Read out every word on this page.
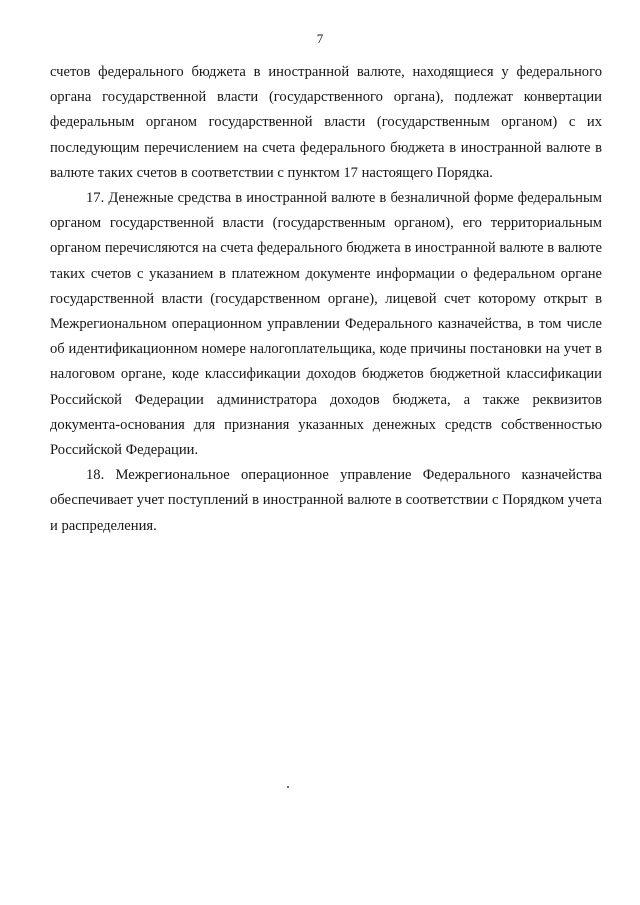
7

счетов федерального бюджета в иностранной валюте, находящиеся у федерального органа государственной власти (государственного органа), подлежат конвертации федеральным органом государственной власти (государственным органом) с их последующим перечислением на счета федерального бюджета в иностранной валюте в валюте таких счетов в соответствии с пунктом 17 настоящего Порядка.

17. Денежные средства в иностранной валюте в безналичной форме федеральным органом государственной власти (государственным органом), его территориальным органом перечисляются на счета федерального бюджета в иностранной валюте в валюте таких счетов с указанием в платежном документе информации о федеральном органе государственной власти (государственном органе), лицевой счет которому открыт в Межрегиональном операционном управлении Федерального казначейства, в том числе об идентификационном номере налогоплательщика, коде причины постановки на учет в налоговом органе, коде классификации доходов бюджетов бюджетной классификации Российской Федерации администратора доходов бюджета, а также реквизитов документа-основания для признания указанных денежных средств собственностью Российской Федерации.

18. Межрегиональное операционное управление Федерального казначейства обеспечивает учет поступлений в иностранной валюте в соответствии с Порядком учета и распределения.
